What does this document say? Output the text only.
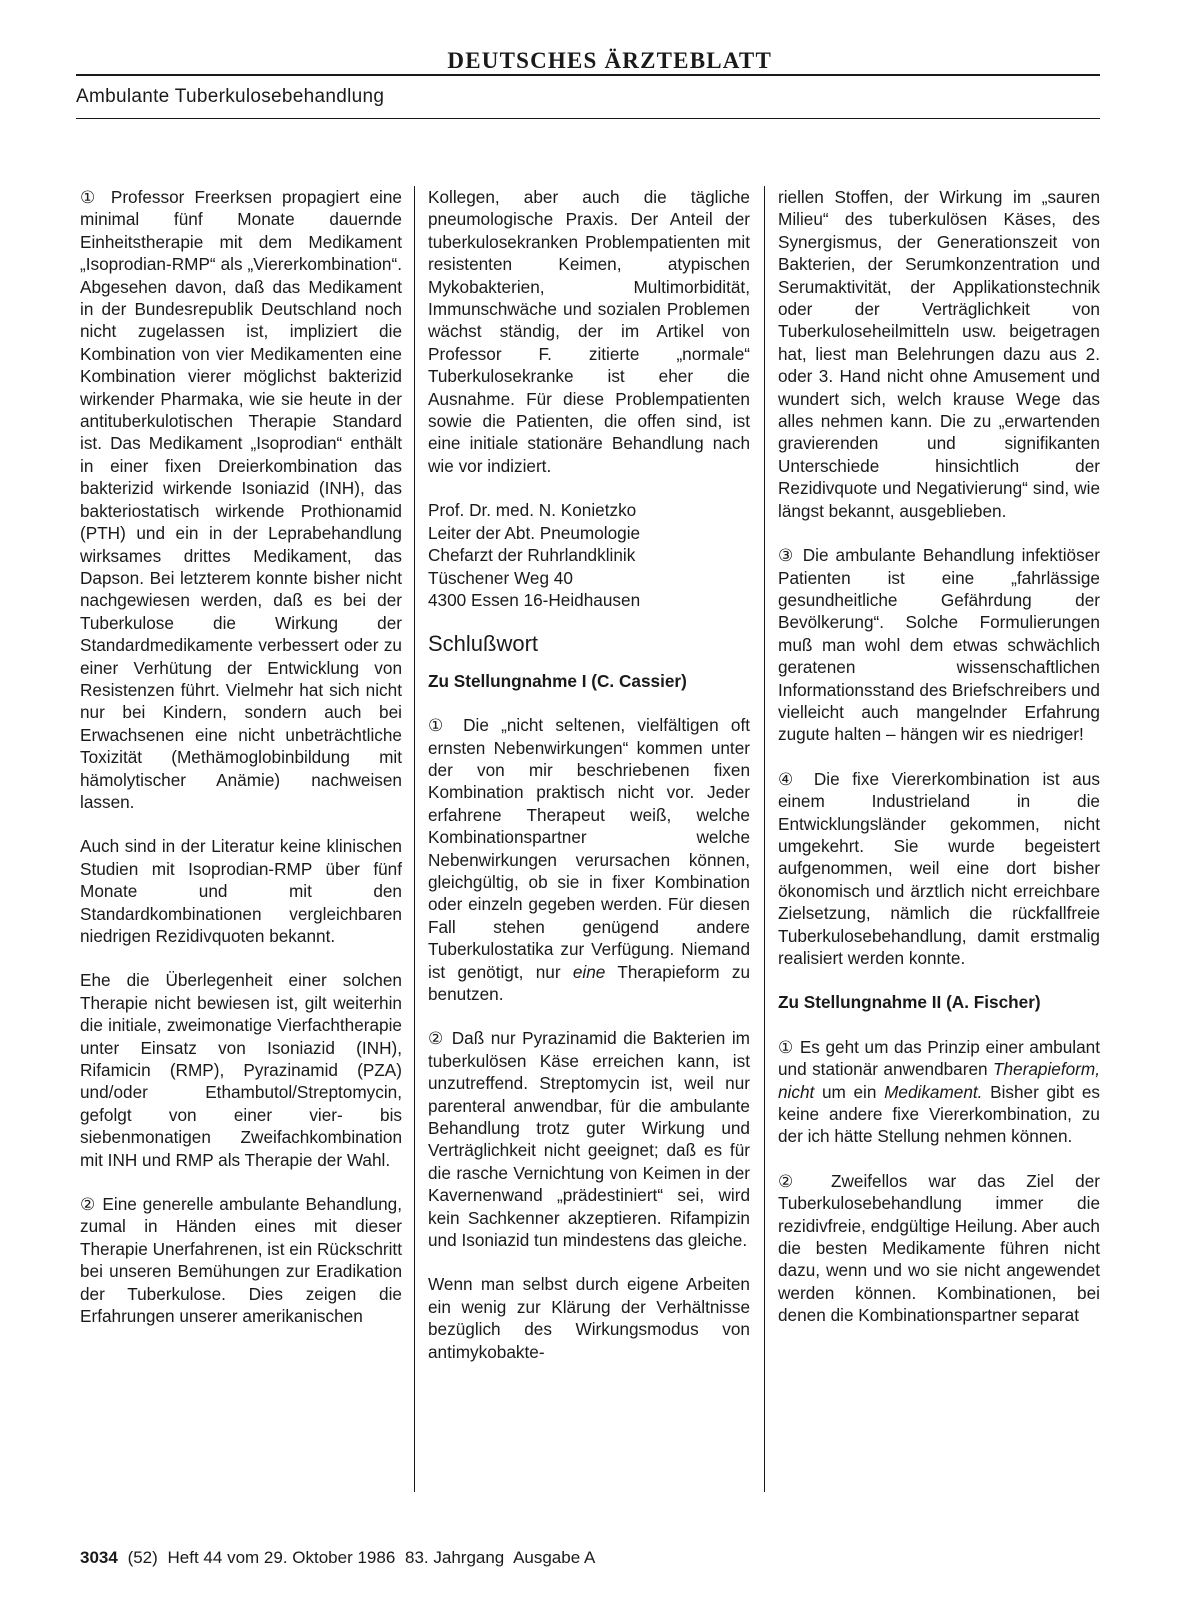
DEUTSCHES ÄRZTEBLATT
Ambulante Tuberkulosebehandlung

① Professor Freerksen propagiert eine minimal fünf Monate dauernde Einheitstherapie mit dem Medikament „Isoprodian-RMP“ als „Viererkombination“. Abgesehen davon, daß das Medikament in der Bundesrepublik Deutschland noch nicht zugelassen ist, impliziert die Kombination von vier Medikamenten eine Kombination vierer möglichst bakterizid wirkender Pharmaka, wie sie heute in der antituberkulotischen Therapie Standard ist. Das Medikament „Isoprodian“ enthält in einer fixen Dreierkombination das bakterizid wirkende Isoniazid (INH), das bakteriostatisch wirkende Prothionamid (PTH) und ein in der Leprabehandlung wirksames drittes Medikament, das Dapson. Bei letzterem konnte bisher nicht nachgewiesen werden, daß es bei der Tuberkulose die Wirkung der Standardmedikamente verbessert oder zu einer Verhütung der Entwicklung von Resistenzen führt. Vielmehr hat sich nicht nur bei Kindern, sondern auch bei Erwachsenen eine nicht unbeträchtliche Toxizität (Methämoglobinbildung mit hämolytischer Anämie) nachweisen lassen.

Auch sind in der Literatur keine klinischen Studien mit Isoprodian-RMP über fünf Monate und mit den Standardkombinationen vergleichbaren niedrigen Rezidivquoten bekannt.

Ehe die Überlegenheit einer solchen Therapie nicht bewiesen ist, gilt weiterhin die initiale, zweimonatige Vierfachtherapie unter Einsatz von Isoniazid (INH), Rifamicin (RMP), Pyrazinamid (PZA) und/oder Ethambutol/Streptomycin, gefolgt von einer vier- bis siebenmonatigen Zweifachkombination mit INH und RMP als Therapie der Wahl.

② Eine generelle ambulante Behandlung, zumal in Händen eines mit dieser Therapie Unerfahrenen, ist ein Rückschritt bei unseren Bemühungen zur Eradikation der Tuberkulose. Dies zeigen die Erfahrungen unserer amerikanischen

Kollegen, aber auch die tägliche pneumologische Praxis. Der Anteil der tuberkulosekranken Problempatienten mit resistenten Keimen, atypischen Mykobakterien, Multimorbidität, Immunschwäche und sozialen Problemen wächst ständig, der im Artikel von Professor F. zitierte „normale“ Tuberkulosekranke ist eher die Ausnahme. Für diese Problempatienten sowie die Patienten, die offen sind, ist eine initiale stationäre Behandlung nach wie vor indiziert.

Prof. Dr. med. N. Konietzko
Leiter der Abt. Pneumologie
Chefarzt der Ruhrlandklinik
Tüschener Weg 40
4300 Essen 16-Heidhausen
Schlußwort
Zu Stellungnahme I (C. Cassier)

① Die „nicht seltenen, vielfältigen oft ernsten Nebenwirkungen“ kommen unter der von mir beschriebenen fixen Kombination praktisch nicht vor. Jeder erfahrene Therapeut weiß, welche Kombinationspartner welche Nebenwirkungen verursachen können, gleichgültig, ob sie in fixer Kombination oder einzeln gegeben werden. Für diesen Fall stehen genügend andere Tuberkulostatika zur Verfügung. Niemand ist genötigt, nur eine Therapieform zu benutzen.

② Daß nur Pyrazinamid die Bakterien im tuberkulösen Käse erreichen kann, ist unzutreffend. Streptomycin ist, weil nur parenteral anwendbar, für die ambulante Behandlung trotz guter Wirkung und Verträglichkeit nicht geeignet; daß es für die rasche Vernichtung von Keimen in der Kavernenwand „prädestiniert“ sei, wird kein Sachkenner akzeptieren. Rifampizin und Isoniazid tun mindestens das gleiche.

Wenn man selbst durch eigene Arbeiten ein wenig zur Klärung der Verhältnisse bezüglich des Wirkungsmodus von antimykobakte-

riellen Stoffen, der Wirkung im „sauren Milieu“ des tuberkulösen Käses, des Synergismus, der Generationszeit von Bakterien, der Serumkonzentration und Serumaktivität, der Applikationstechnik oder der Verträglichkeit von Tuberkuloseheilmitteln usw. beigetragen hat, liest man Belehrungen dazu aus 2. oder 3. Hand nicht ohne Amusement und wundert sich, welch krause Wege das alles nehmen kann. Die zu „erwartenden gravierenden und signifikanten Unterschiede hinsichtlich der Rezidivquote und Negativierung“ sind, wie längst bekannt, ausgeblieben.

③ Die ambulante Behandlung infektiöser Patienten ist eine „fahrlässige gesundheitliche Gefährdung der Bevölkerung“. Solche Formulierungen muß man wohl dem etwas schwächlich geratenen wissenschaftlichen Informationsstand des Briefschreibers und vielleicht auch mangelnder Erfahrung zugute halten – hängen wir es niedriger!

④ Die fixe Viererkombination ist aus einem Industrieland in die Entwicklungsländer gekommen, nicht umgekehrt. Sie wurde begeistert aufgenommen, weil eine dort bisher ökonomisch und ärztlich nicht erreichbare Zielsetzung, nämlich die rückfallfreie Tuberkulosebehandlung, damit erstmalig realisiert werden konnte.

Zu Stellungnahme II (A. Fischer)

① Es geht um das Prinzip einer ambulant und stationär anwendbaren Therapieform, nicht um ein Medikament. Bisher gibt es keine andere fixe Viererkombination, zu der ich hätte Stellung nehmen können.

② Zweifellos war das Ziel der Tuberkulosebehandlung immer die rezidivfreie, endgültige Heilung. Aber auch die besten Medikamente führen nicht dazu, wenn und wo sie nicht angewendet werden können. Kombinationen, bei denen die Kombinationspartner separat

3034 (52) Heft 44 vom 29. Oktober 1986 83. Jahrgang Ausgabe A
